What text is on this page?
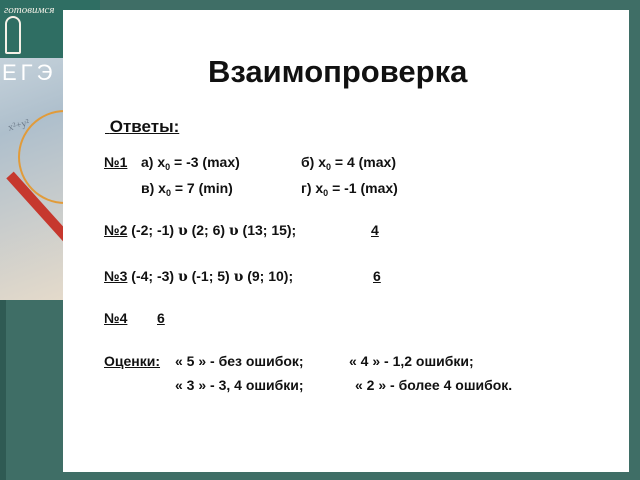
готовимся
ЕГЭ
x²+y²
Взаимопроверка
Ответы:
№1 а) $x_0 = -3$ (max)	б) $x_0 = 4$ (max)
в) $x_0 = 7$ (min)	г) $x_0 = -1$ (max)
№2 (-2; -1) υ (2; 6) υ (13; 15);	4
№3 (-4; -3) υ (-1; 5) υ (9; 10);	6
№4 6
Оценки: « 5 » - без ошибок;	« 4 » - 1,2 ошибки;
« 3 » - 3, 4 ошибки;	« 2 » - более 4 ошибок.
